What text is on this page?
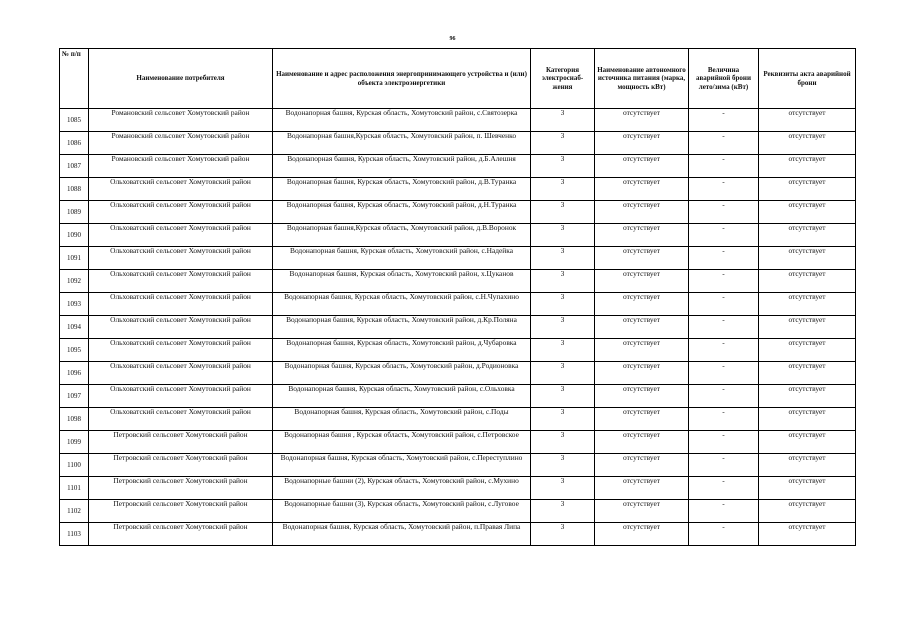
96
№ п/п	Наименование потребителя	Наименование и адрес расположения энергопринимающего устройства и (или) объекта электроэнергетики	Категория электроснаб-жения	Наименование автономного источника питания (марка, мощность кВт)	Величина аварийной брони лето/зима (кВт)	Реквизиты акта аварийной брони
1085	Романовский сельсовет Хомутовский район	Водонапорная башня, Курская область, Хомутовский район, с.Святозерка	3	отсутствует	-	отсутствует
1086	Романовский сельсовет Хомутовский район	Водонапорная башня,Курская область, Хомутовский район, п. Шевченко	3	отсутствует	-	отсутствует
1087	Романовский сельсовет Хомутовский район	Водонапорная башня, Курская область, Хомутовский район, д.Б.Алешня	3	отсутствует	-	отсутствует
1088	Ольховатский сельсовет Хомутовский район	Водонапорная башня, Курская область, Хомутовский район, д.В.Туранка	3	отсутствует	-	отсутствует
1089	Ольховатский сельсовет Хомутовский район	Водонапорная башня, Курская область, Хомутовский район, д.Н.Туранка	3	отсутствует	-	отсутствует
1090	Ольховатский сельсовет Хомутовский район	Водонапорная башня,Курская область, Хомутовский район, д.В.Воронок	3	отсутствует	-	отсутствует
1091	Ольховатский сельсовет Хомутовский район	Водонапорная башня, Курская область, Хомутовский район, с.Надейка	3	отсутствует	-	отсутствует
1092	Ольховатский сельсовет Хомутовский район	Водонапорная башня, Курская область, Хомутовский район, х.Цуканов	3	отсутствует	-	отсутствует
1093	Ольховатский сельсовет Хомутовский район	Водонапорная башня, Курская область, Хомутовский район, с.Н.Чупахино	3	отсутствует	-	отсутствует
1094	Ольховатский сельсовет Хомутовский район	Водонапорная башня, Курская область, Хомутовский район, д.Кр.Поляна	3	отсутствует	-	отсутствует
1095	Ольховатский сельсовет Хомутовский район	Водонапорная башня, Курская область, Хомутовский район, д.Чубаровка	3	отсутствует	-	отсутствует
1096	Ольховатский сельсовет Хомутовский район	Водонапорная башня, Курская область, Хомутовский район, д.Родионовка	3	отсутствует	-	отсутствует
1097	Ольховатский сельсовет Хомутовский район	Водонапорная башня, Курская область, Хомутовский район, с.Ольховка	3	отсутствует	-	отсутствует
1098	Ольховатский сельсовет Хомутовский район	Водонапорная башня, Курская область, Хомутовский район, с.Поды	3	отсутствует	-	отсутствует
1099	Петровский сельсовет Хомутовский район	Водонапорная башня , Курская область, Хомутовский район, с.Петровское	3	отсутствует	-	отсутствует
1100	Петровский сельсовет Хомутовский район	Водонапорная башня, Курская область, Хомутовский район, с.Переступлино	3	отсутствует	-	отсутствует
1101	Петровский сельсовет Хомутовский район	Водонапорные башни (2), Курская область, Хомутовский район, с.Мухино	3	отсутствует	-	отсутствует
1102	Петровский сельсовет Хомутовский район	Водонапорные башни (3), Курская область, Хомутовский район, с.Луговое	3	отсутствует	-	отсутствует
1103	Петровский сельсовет Хомутовский район	Водонапорная башня, Курская область, Хомутовский район, п.Правая Липа	3	отсутствует	-	отсутствует
